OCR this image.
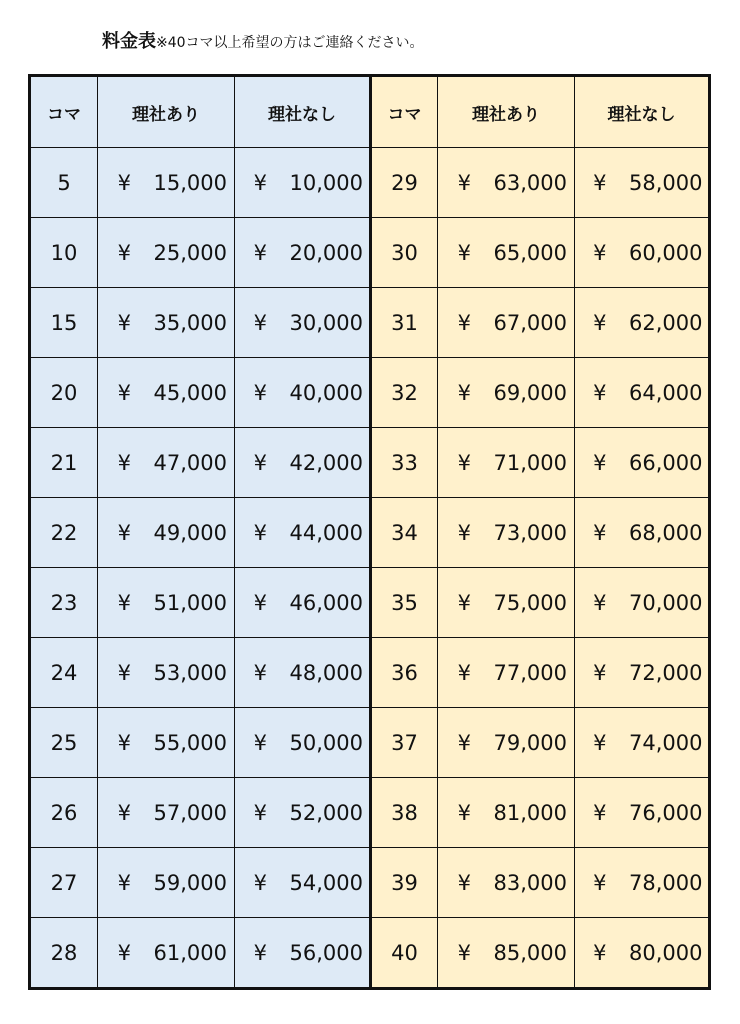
料金表※40コマ以上希望の方はご連絡ください。
コマ	理社あり	理社なし	コマ	理社あり	理社なし
5	¥ 15,000	¥ 10,000	29	¥ 63,000	¥ 58,000
10	¥ 25,000	¥ 20,000	30	¥ 65,000	¥ 60,000
15	¥ 35,000	¥ 30,000	31	¥ 67,000	¥ 62,000
20	¥ 45,000	¥ 40,000	32	¥ 69,000	¥ 64,000
21	¥ 47,000	¥ 42,000	33	¥ 71,000	¥ 66,000
22	¥ 49,000	¥ 44,000	34	¥ 73,000	¥ 68,000
23	¥ 51,000	¥ 46,000	35	¥ 75,000	¥ 70,000
24	¥ 53,000	¥ 48,000	36	¥ 77,000	¥ 72,000
25	¥ 55,000	¥ 50,000	37	¥ 79,000	¥ 74,000
26	¥ 57,000	¥ 52,000	38	¥ 81,000	¥ 76,000
27	¥ 59,000	¥ 54,000	39	¥ 83,000	¥ 78,000
28	¥ 61,000	¥ 56,000	40	¥ 85,000	¥ 80,000
